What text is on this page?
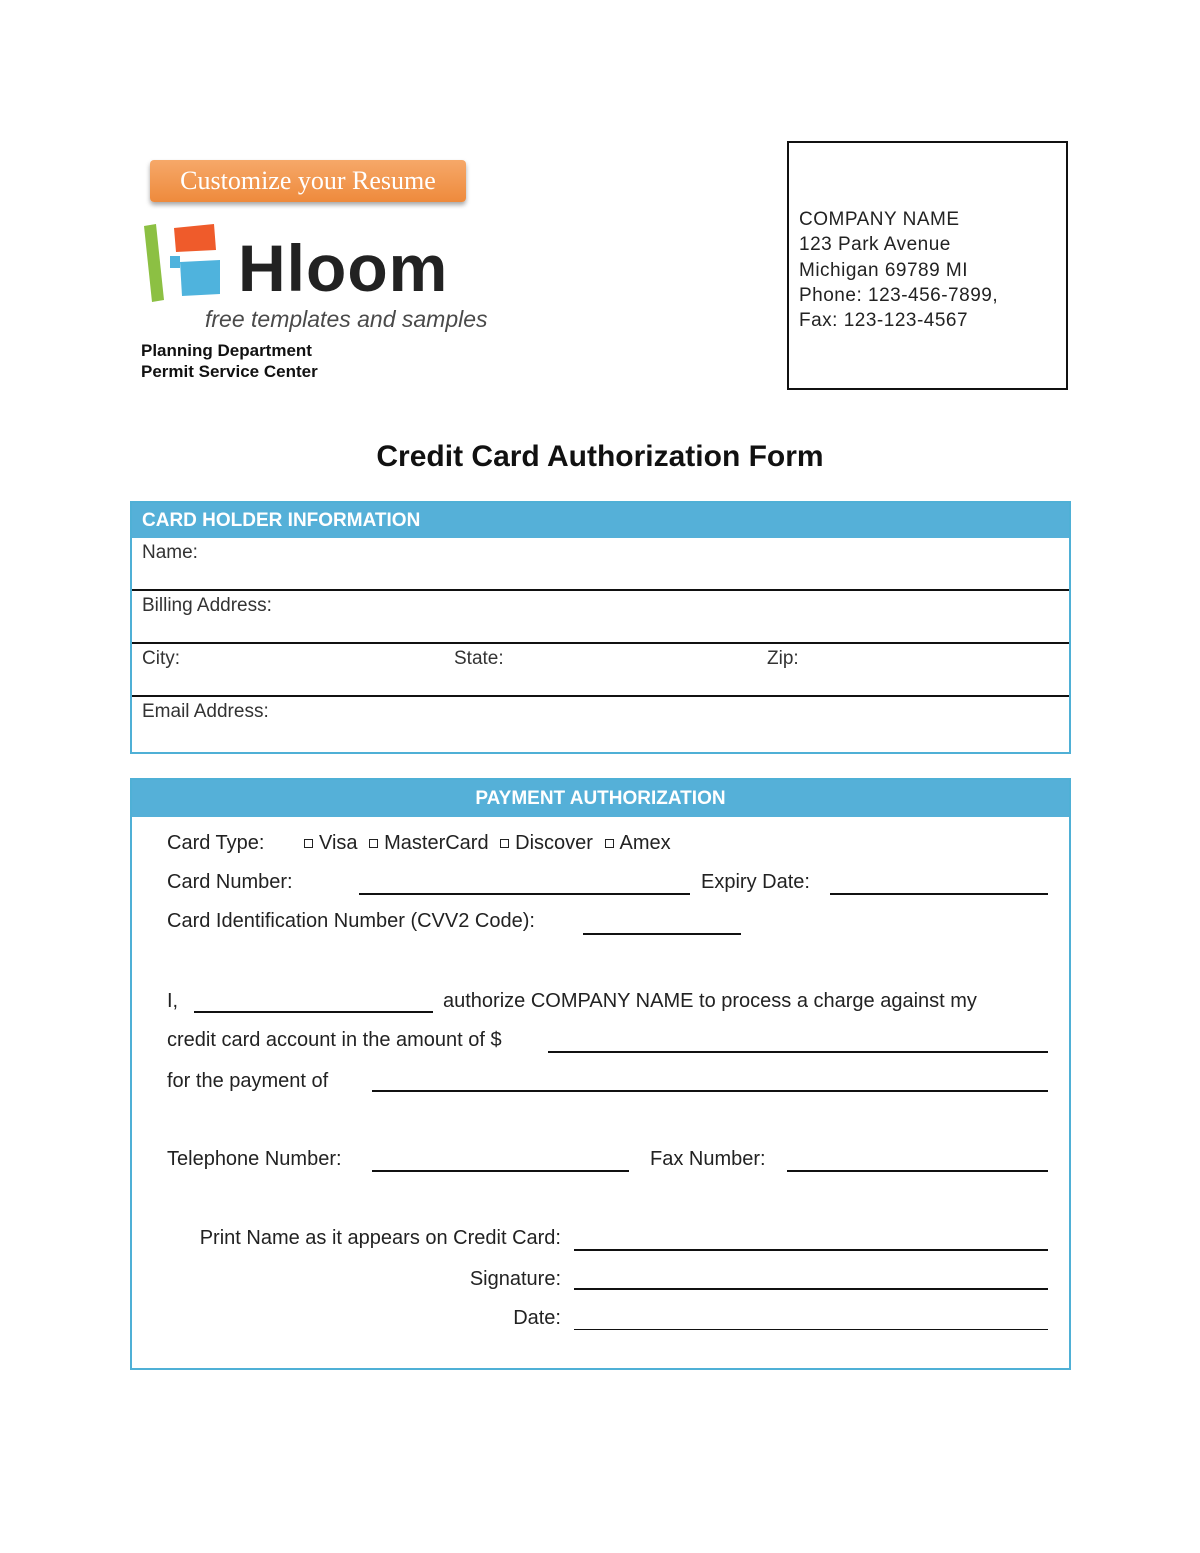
Customize your Resume
Hloom
free templates and samples
Planning Department
Permit Service Center
COMPANY NAME
123 Park Avenue
Michigan 69789 MI
Phone: 123-456-7899,
Fax: 123-123-4567
Credit Card Authorization Form
CARD HOLDER INFORMATION
Name:
Billing Address:
City:	State:	Zip:
Email Address:
PAYMENT AUTHORIZATION
Card Type:	Visa MasterCard Discover Amex
Card Number:	Expiry Date:
Card Identification Number (CVV2 Code):
I,	authorize COMPANY NAME to process a charge against my
credit card account in the amount of $
for the payment of
Telephone Number:	Fax Number:
Print Name as it appears on Credit Card:
Signature:
Date:
